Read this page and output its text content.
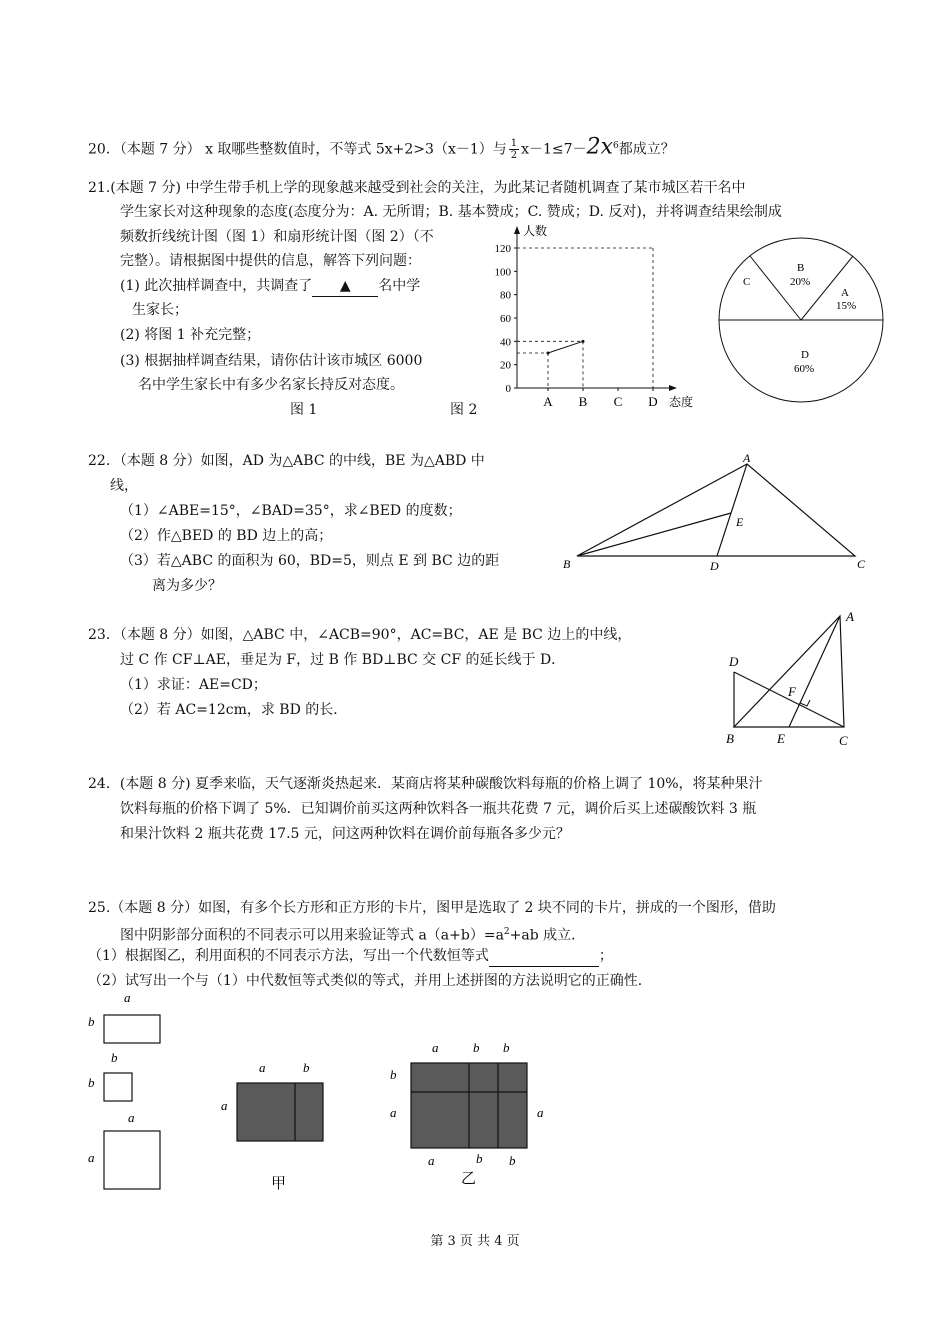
20．（本题 7 分） x 取哪些整数值时，不等式 5x+2>3（x－1）与 $\frac{1}{2} x-1\le 7-2x^6$都成立？
21.(本题 7 分) 中学生带手机上学的现象越来越受到社会的关注，为此某记者随机调查了某市城区若干名中
学生家长对这种现象的态度(态度分为：A. 无所谓；B. 基本赞成；C. 赞成；D. 反对)，并将调查结果绘制成
频数折线统计图（图 1）和扇形统计图（图 2）（不
完整）。请根据图中提供的信息，解答下列问题：
(1) 此次抽样调查中，共调查了 ▲ 名中学
生家长；
(2) 将图 1 补充完整；
(3) 根据抽样调查结果，请你估计该市城区 6000
名中学生家长中有多少名家长持反对态度。
图 1	图 2
人数
态度
0
20
40
60
80
100
120
A B C D
B
20%
A
15%
D
60%
C
22．（本题 8 分）如图，AD 为△ABC 的中线，BE 为△ABD 中
线，
（1）∠ABE=15°，∠BAD=35°，求∠BED 的度数；
（2）作△BED 的 BD 边上的高；
（3）若△ABC 的面积为 60，BD=5，则点 E 到 BC 边的距
离为多少？
A
B	C
D
E
23．（本题 8 分）如图，△ABC 中，∠ACB=90°，AC=BC，AE 是 BC 边上的中线，
过 C 作 CF⊥AE，垂足为 F，过 B 作 BD⊥BC 交 CF 的延长线于 D．
（1）求证：AE=CD；
（2）若 AC=12cm，求 BD 的长．
A
B	C
D
E
F
24．(本题 8 分) 夏季来临，天气逐渐炎热起来．某商店将某种碳酸饮料每瓶的价格上调了 10%，将某种果汁
饮料每瓶的价格下调了 5%．已知调价前买这两种饮料各一瓶共花费 7 元，调价后买上述碳酸饮料 3 瓶
和果汁饮料 2 瓶共花费 17.5 元，问这两种饮料在调价前每瓶各多少元？
25.（本题 8 分）如图，有多个长方形和正方形的卡片，图甲是选取了 2 块不同的卡片，拼成的一个图形，借助
图中阴影部分面积的不同表示可以用来验证等式 $a(a+b)=a^2+ab$ 成立．
（1）根据图乙，利用面积的不同表示方法，写出一个代数恒等式	；
（2）试写出一个与（1）中代数恒等式类似的等式，并用上述拼图的方法说明它的正确性．
a
b
b
b
a
a
a	b
a
甲
a	b b
b
a	a
a	b b
乙
第 3 页 共 4 页
